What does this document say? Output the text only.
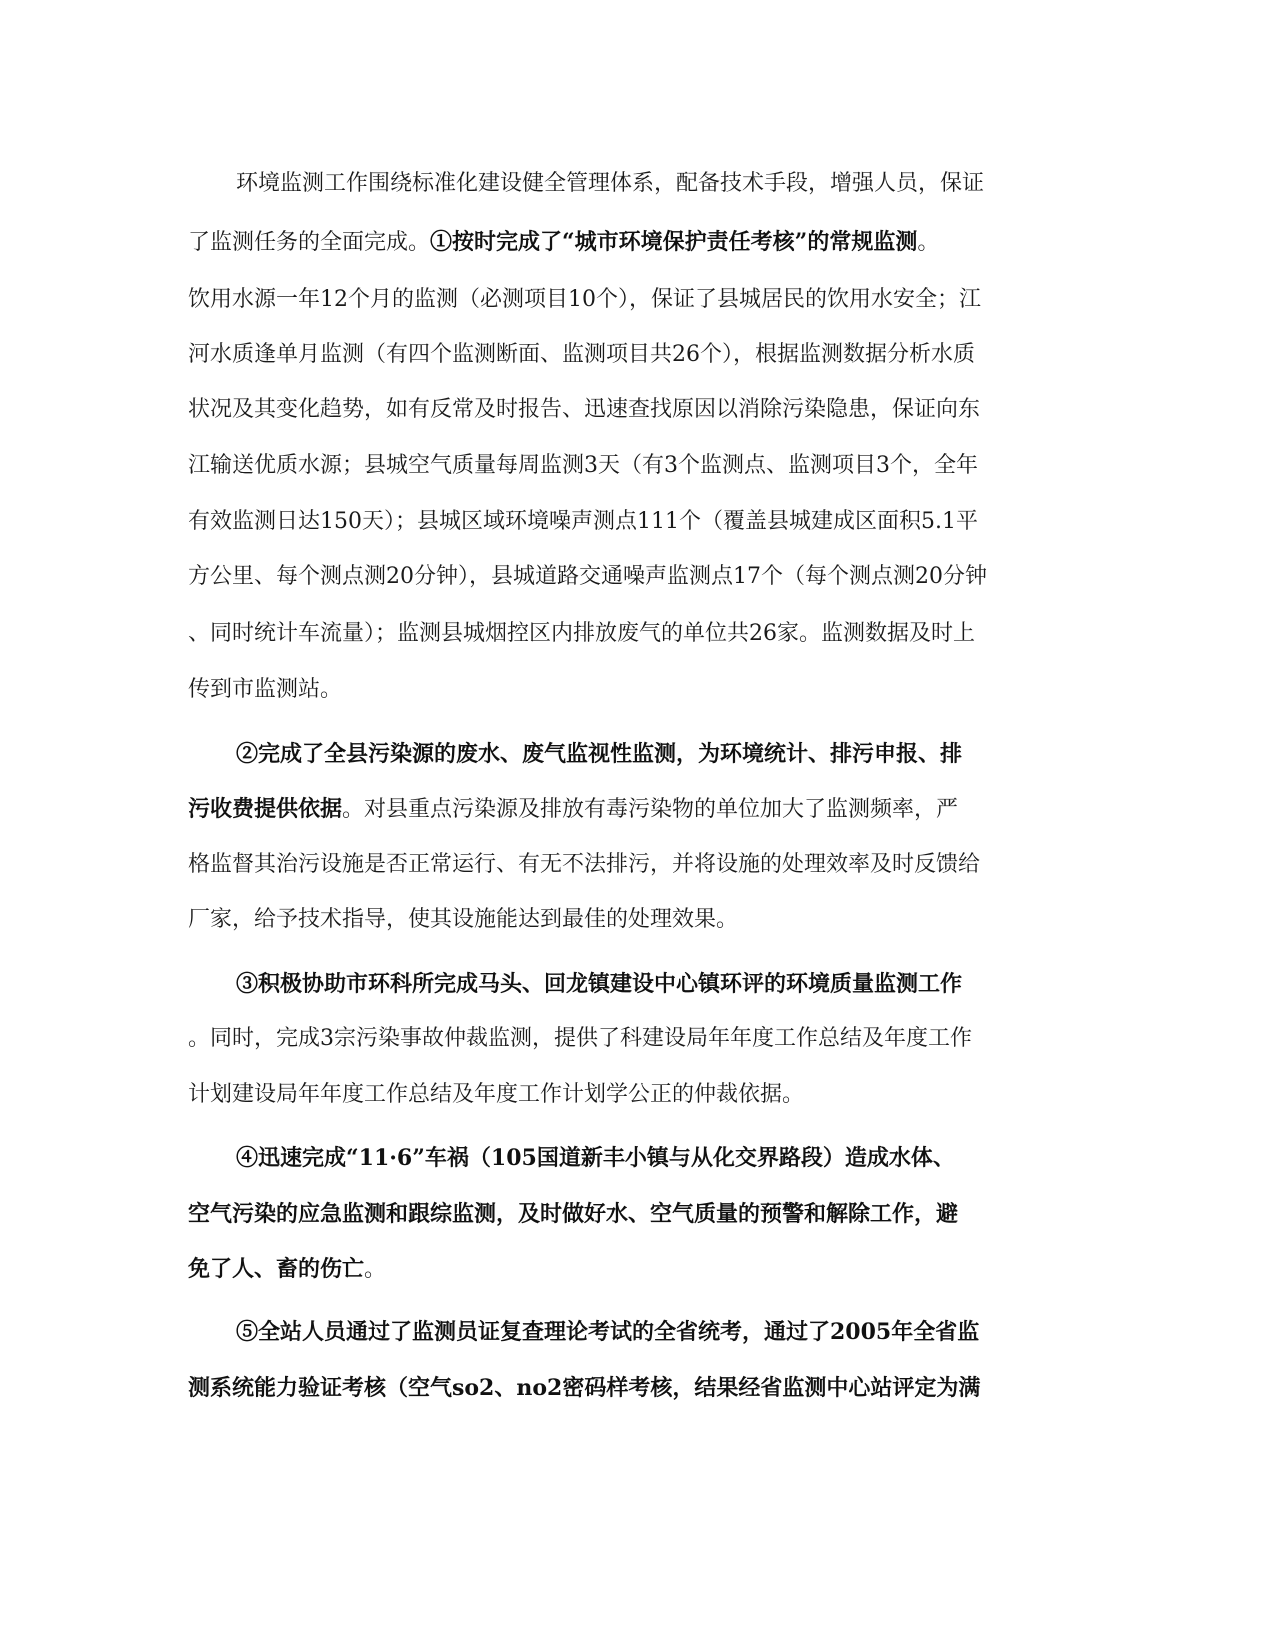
环境监测工作围绕标准化建设健全管理体系，配备技术手段，增强人员，保证
了监测任务的全面完成。①按时完成了“城市环境保护责任考核”的常规监测。
饮用水源一年12个月的监测（必测项目10个），保证了县城居民的饮用水安全；江
河水质逢单月监测（有四个监测断面、监测项目共26个），根据监测数据分析水质
状况及其变化趋势，如有反常及时报告、迅速查找原因以消除污染隐患，保证向东
江输送优质水源；县城空气质量每周监测3天（有3个监测点、监测项目3个，全年
有效监测日达150天）；县城区域环境噪声测点111个（覆盖县城建成区面积5.1平
方公里、每个测点测20分钟），县城道路交通噪声监测点17个（每个测点测20分钟
、同时统计车流量）；监测县城烟控区内排放废气的单位共26家。监测数据及时上
传到市监测站。
②完成了全县污染源的废水、废气监视性监测，为环境统计、排污申报、排
污收费提供依据。对县重点污染源及排放有毒污染物的单位加大了监测频率，严
格监督其治污设施是否正常运行、有无不法排污，并将设施的处理效率及时反馈给
厂家，给予技术指导，使其设施能达到最佳的处理效果。
③积极协助市环科所完成马头、回龙镇建设中心镇环评的环境质量监测工作
。同时，完成3宗污染事故仲裁监测，提供了科建设局年年度工作总结及年度工作
计划建设局年年度工作总结及年度工作计划学公正的仲裁依据。
④迅速完成“11·6”车祸（105国道新丰小镇与从化交界路段）造成水体、
空气污染的应急监测和跟综监测，及时做好水、空气质量的预警和解除工作，避
免了人、畜的伤亡。
⑤全站人员通过了监测员证复查理论考试的全省统考，通过了2005年全省监
测系统能力验证考核（空气so2、no2密码样考核，结果经省监测中心站评定为满
